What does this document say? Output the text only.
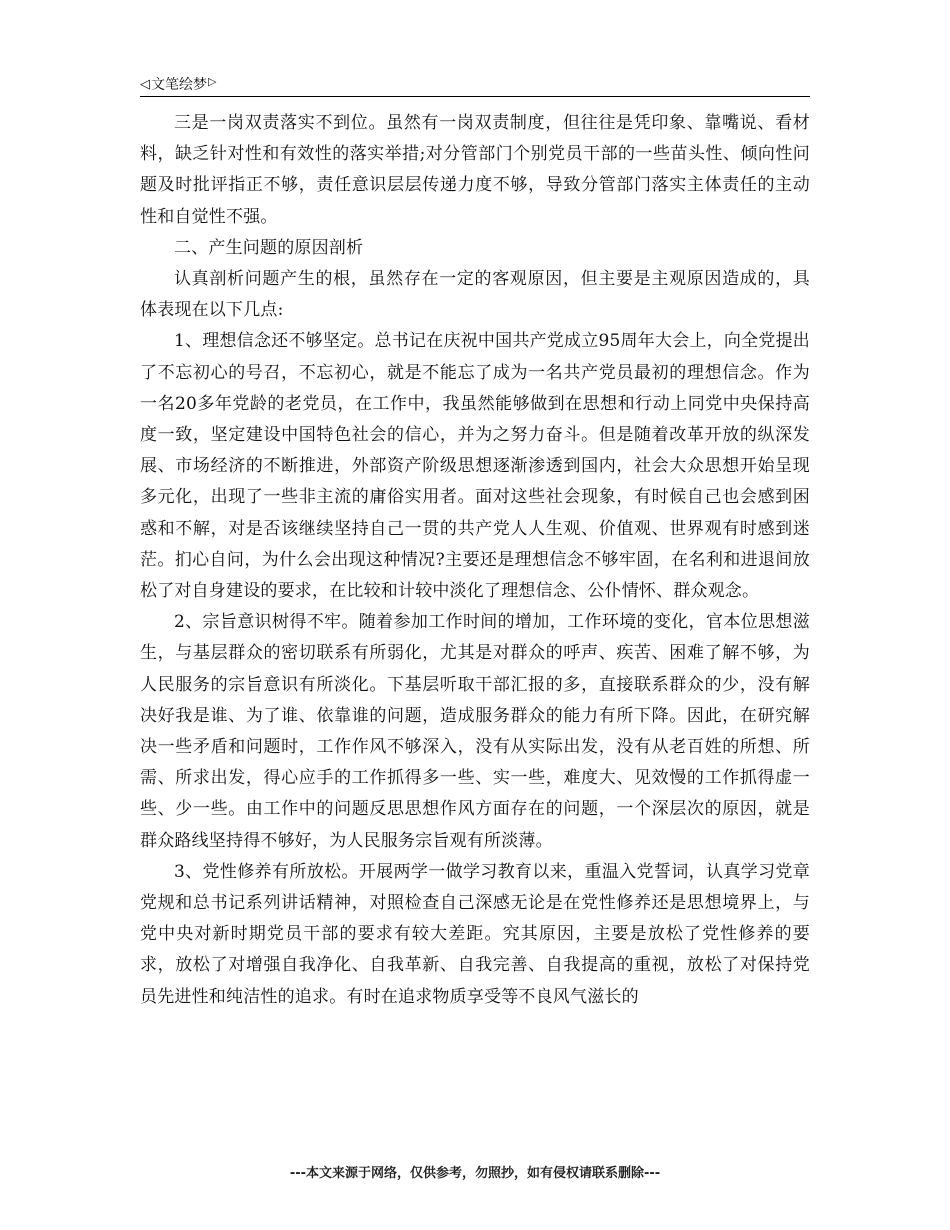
◁ 文笔绘梦 ▷

三是一岗双责落实不到位。虽然有一岗双责制度，但往往是凭印象、靠嘴说、看材料，缺乏针对性和有效性的落实举措;对分管部门个别党员干部的一些苗头性、倾向性问题及时批评指正不够，责任意识层层传递力度不够，导致分管部门落实主体责任的主动性和自觉性不强。

二、产生问题的原因剖析

认真剖析问题产生的根，虽然存在一定的客观原因，但主要是主观原因造成的，具体表现在以下几点:

1、理想信念还不够坚定。总书记在庆祝中国共产党成立95周年大会上，向全党提出了不忘初心的号召，不忘初心，就是不能忘了成为一名共产党员最初的理想信念。作为一名20多年党龄的老党员，在工作中，我虽然能够做到在思想和行动上同党中央保持高度一致，坚定建设中国特色社会的信心，并为之努力奋斗。但是随着改革开放的纵深发展、市场经济的不断推进，外部资产阶级思想逐渐渗透到国内，社会大众思想开始呈现多元化，出现了一些非主流的庸俗实用者。面对这些社会现象，有时候自己也会感到困惑和不解，对是否该继续坚持自己一贯的共产党人人生观、价值观、世界观有时感到迷茫。扪心自问，为什么会出现这种情况?主要还是理想信念不够牢固，在名利和进退间放松了对自身建设的要求，在比较和计较中淡化了理想信念、公仆情怀、群众观念。

2、宗旨意识树得不牢。随着参加工作时间的增加，工作环境的变化，官本位思想滋生，与基层群众的密切联系有所弱化，尤其是对群众的呼声、疾苦、困难了解不够，为人民服务的宗旨意识有所淡化。下基层听取干部汇报的多，直接联系群众的少，没有解决好我是谁、为了谁、依靠谁的问题，造成服务群众的能力有所下降。因此，在研究解决一些矛盾和问题时，工作作风不够深入，没有从实际出发，没有从老百姓的所想、所需、所求出发，得心应手的工作抓得多一些、实一些，难度大、见效慢的工作抓得虚一些、少一些。由工作中的问题反思思想作风方面存在的问题，一个深层次的原因，就是群众路线坚持得不够好，为人民服务宗旨观有所淡薄。

3、党性修养有所放松。开展两学一做学习教育以来，重温入党誓词，认真学习党章党规和总书记系列讲话精神，对照检查自己深感无论是在党性修养还是思想境界上，与党中央对新时期党员干部的要求有较大差距。究其原因，主要是放松了党性修养的要求，放松了对增强自我净化、自我革新、自我完善、自我提高的重视，放松了对保持党员先进性和纯洁性的追求。有时在追求物质享受等不良风气滋长的

---本文来源于网络，仅供参考，勿照抄，如有侵权请联系删除---
